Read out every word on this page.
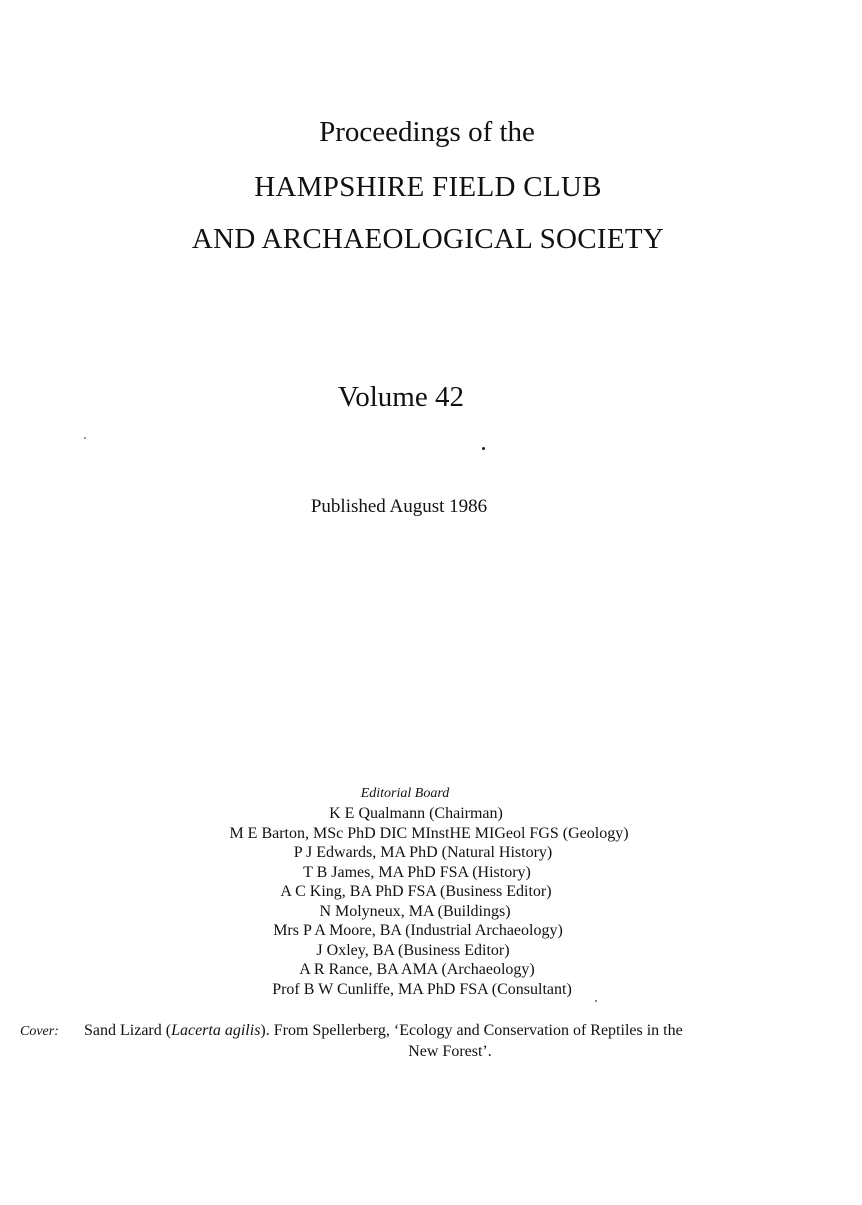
Proceedings of the
HAMPSHIRE FIELD CLUB
AND ARCHAEOLOGICAL SOCIETY
Volume 42
Published August 1986
Editorial Board
K E Qualmann (Chairman)
M E Barton, MSc PhD DIC MInstHE MIGeol FGS (Geology)
P J Edwards, MA PhD (Natural History)
T B James, MA PhD FSA (History)
A C King, BA PhD FSA (Business Editor)
N Molyneux, MA (Buildings)
Mrs P A Moore, BA (Industrial Archaeology)
J Oxley, BA (Business Editor)
A R Rance, BA AMA (Archaeology)
Prof B W Cunliffe, MA PhD FSA (Consultant)
Cover: Sand Lizard (Lacerta agilis). From Spellerberg, ‘Ecology and Conservation of Reptiles in the
New Forest’.
